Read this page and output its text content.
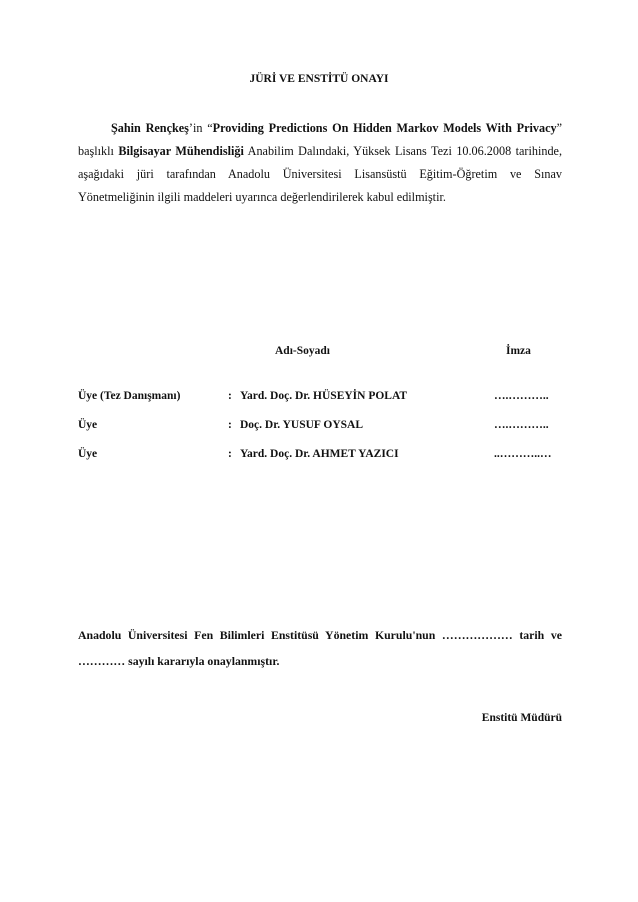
JÜRİ VE ENSTİTÜ ONAYI
Şahin Rençkeş’in “Providing Predictions On Hidden Markov Models With Privacy” başlıklı Bilgisayar Mühendisliği Anabilim Dalındaki, Yüksek Lisans Tezi 10.06.2008 tarihinde, aşağıdaki jüri tarafından Anadolu Üniversitesi Lisansüstü Eğitim-Öğretim ve Sınav Yönetmeliğinin ilgili maddeleri uyarınca değerlendirilerek kabul edilmiştir.
Adı-Soyadı	İmza
Üye (Tez Danışmanı)	: Yard. Doç. Dr. HÜSEYİN POLAT	….………..
Üye	: Doç. Dr. YUSUF OYSAL	….………..
Üye	: Yard. Doç. Dr. AHMET YAZICI	..………..…
Anadolu Üniversitesi Fen Bilimleri Enstitüsü Yönetim Kurulu'nun ……………… tarih ve ………… sayılı kararıyla onaylanmıştır.
Enstitü Müdürü
